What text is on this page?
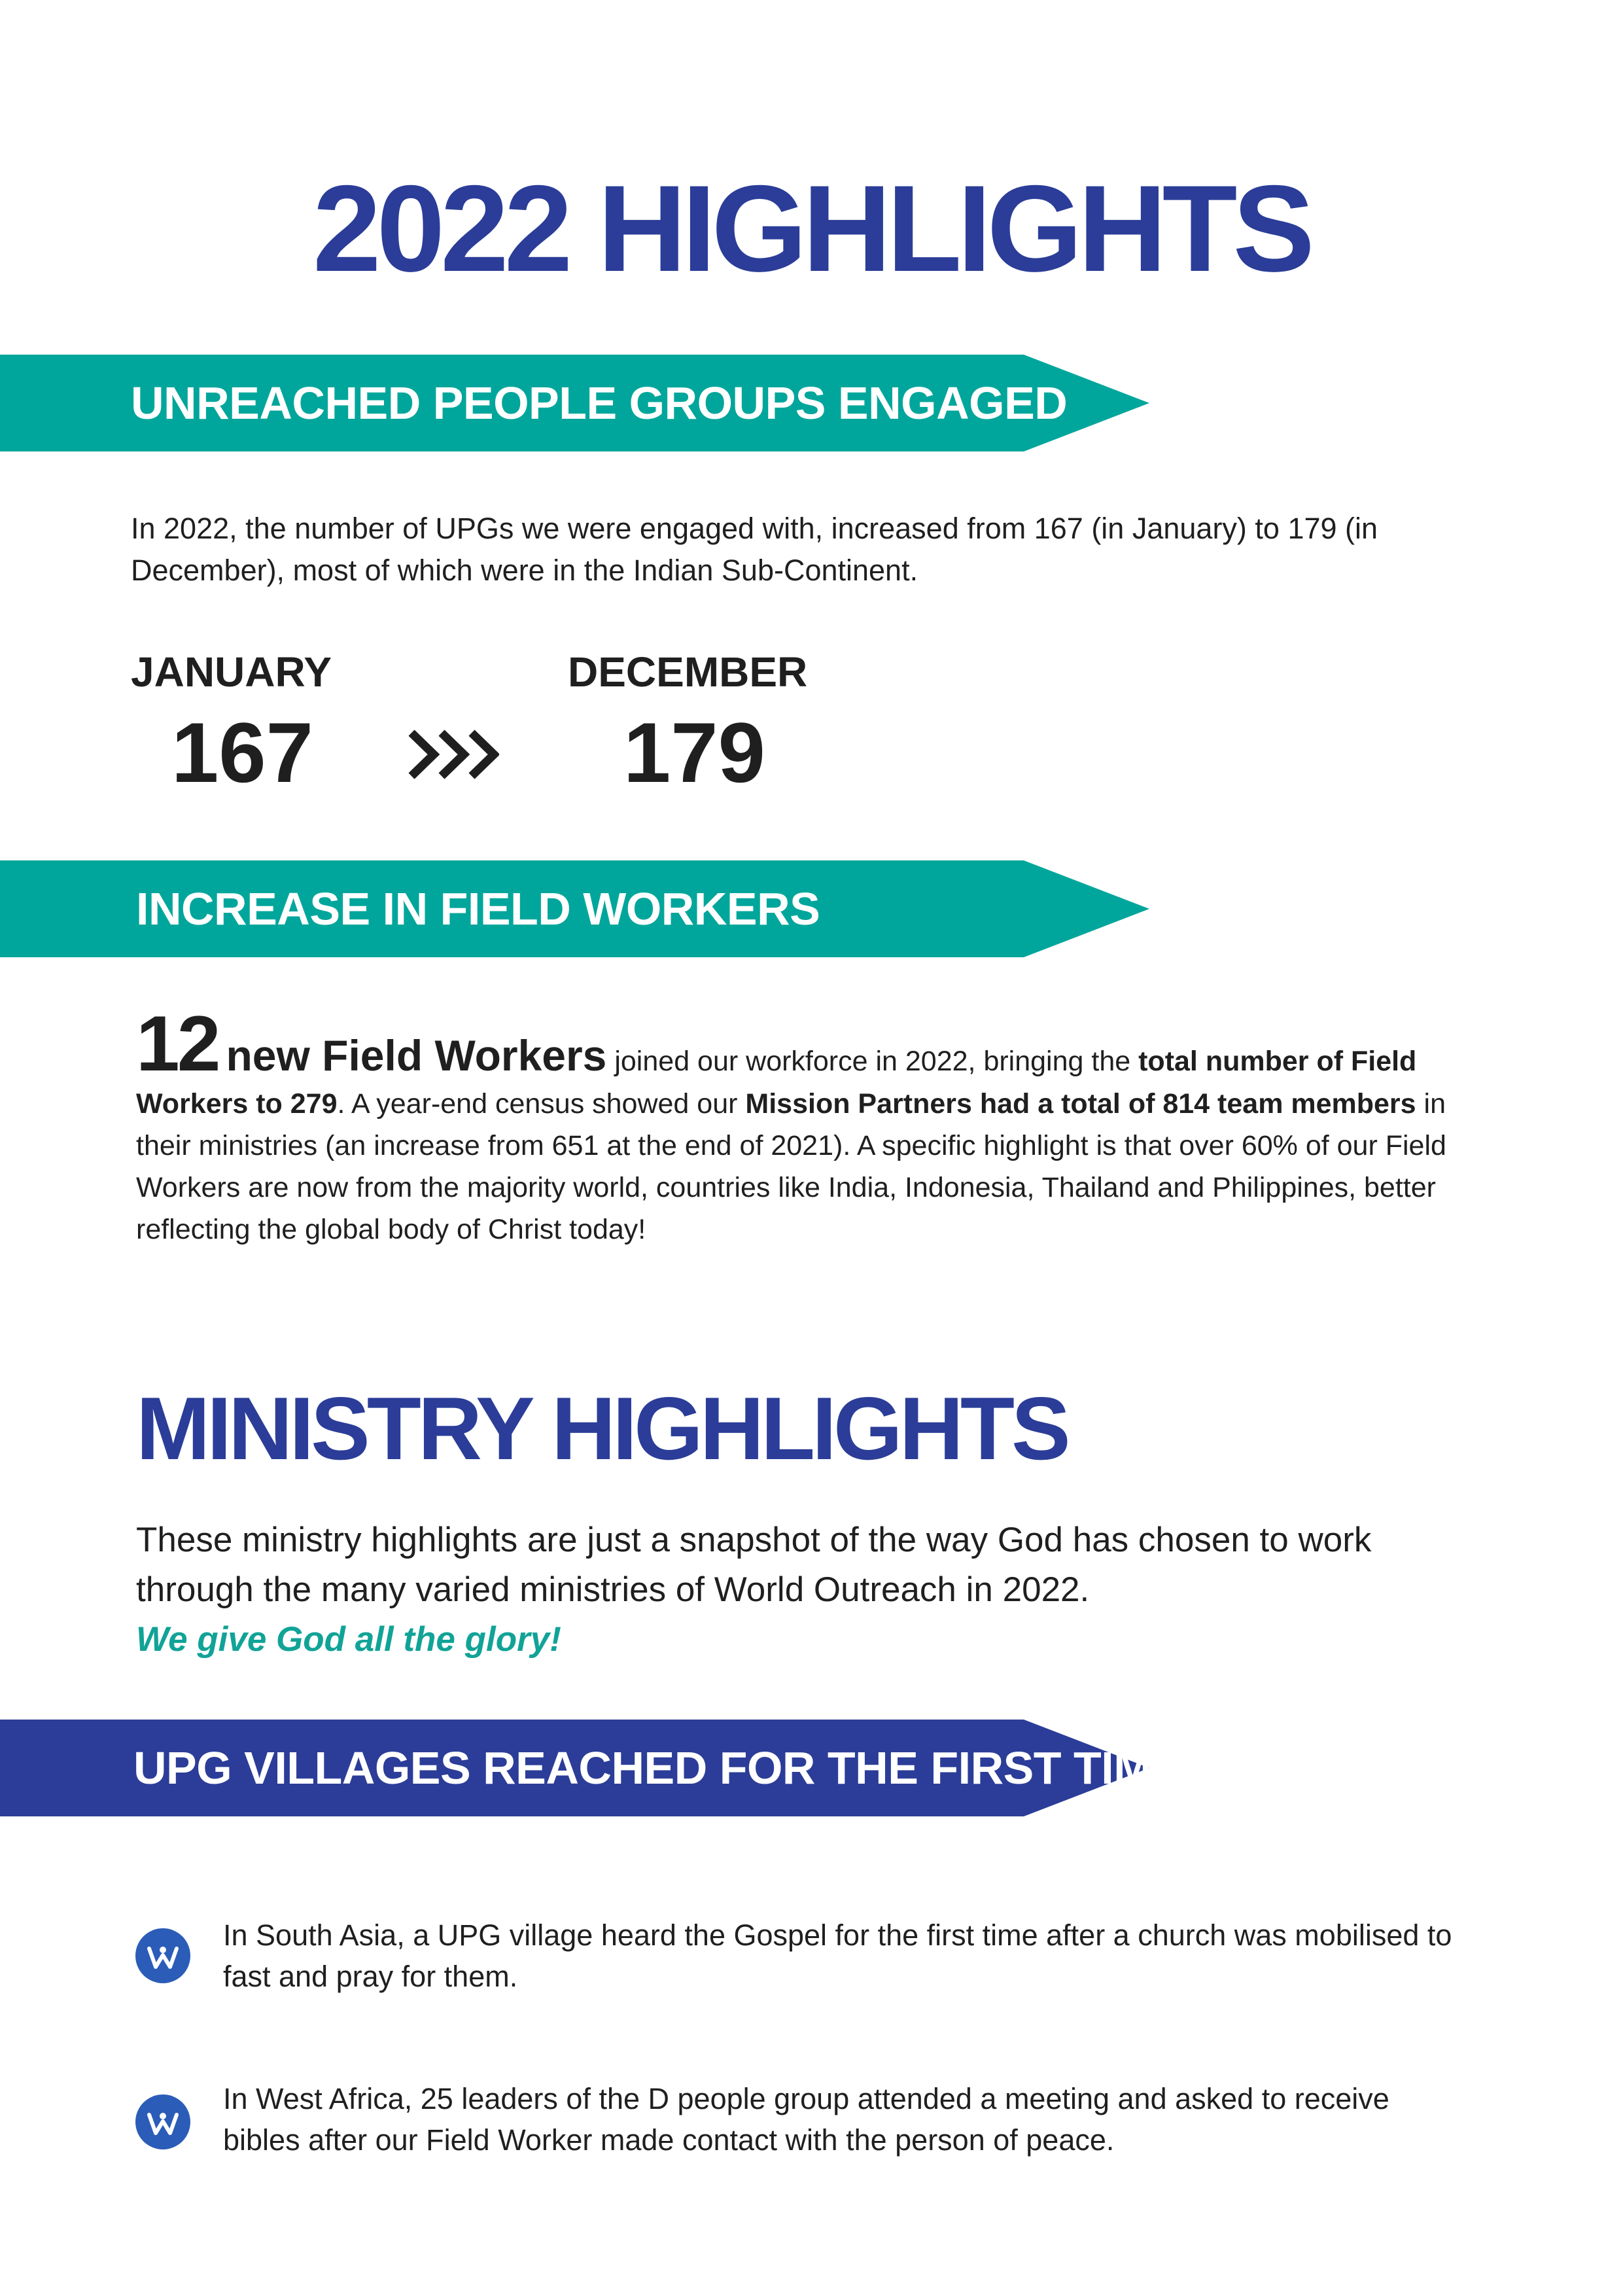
2022 HIGHLIGHTS
UNREACHED PEOPLE GROUPS ENGAGED
In 2022, the number of UPGs we were engaged with, increased from 167 (in January) to 179 (in December), most of which were in the Indian Sub-Continent.
JANUARY
167
DECEMBER
179
INCREASE IN FIELD WORKERS
12 new Field Workers joined our workforce in 2022, bringing the total number of Field Workers to 279. A year-end census showed our Mission Partners had a total of 814 team members in their ministries (an increase from 651 at the end of 2021). A specific highlight is that over 60% of our Field Workers are now from the majority world, countries like India, Indonesia, Thailand and Philippines, better reflecting the global body of Christ today!
MINISTRY HIGHLIGHTS
These ministry highlights are just a snapshot of the way God has chosen to work through the many varied ministries of World Outreach in 2022.
We give God all the glory!
UPG VILLAGES REACHED FOR THE FIRST TIME
In South Asia, a UPG village heard the Gospel for the first time after a church was mobilised to fast and pray for them.
In West Africa, 25 leaders of the D people group attended a meeting and asked to receive bibles after our Field Worker made contact with the person of peace.
